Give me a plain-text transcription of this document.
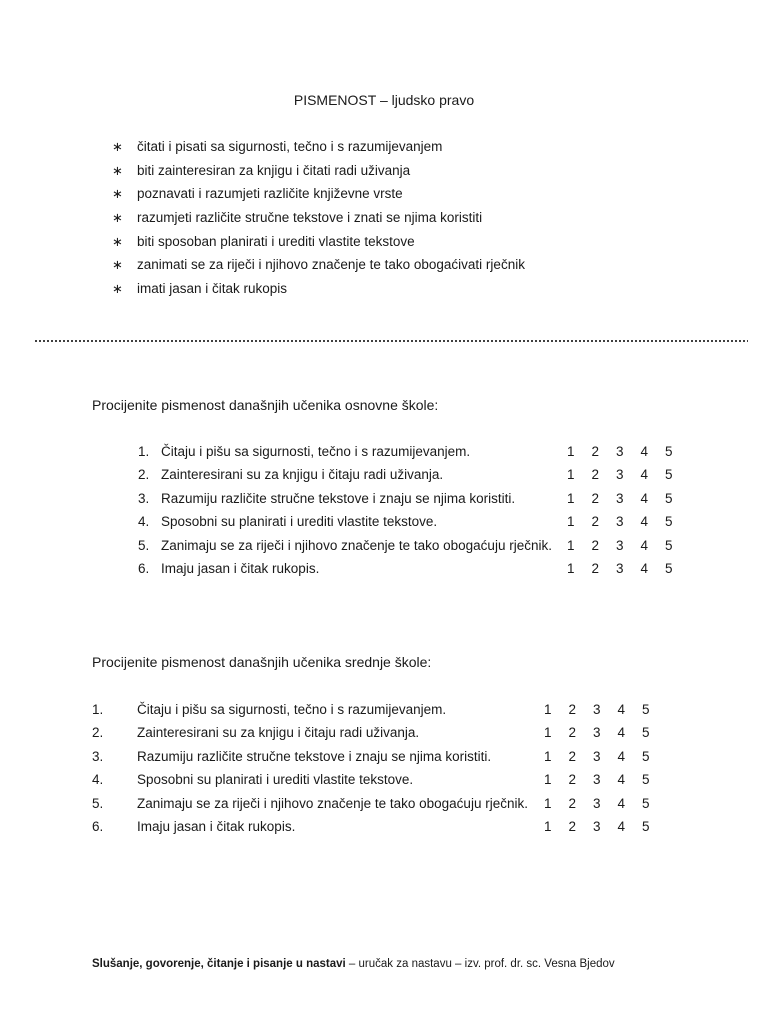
PISMENOST – ljudsko pravo
∗	čitati i pisati sa sigurnosti, tečno i s razumijevanjem
∗	biti zainteresiran za knjigu i čitati radi uživanja
∗	poznavati i razumjeti različite književne vrste
∗	razumjeti različite stručne tekstove i znati se njima koristiti
∗	biti sposoban planirati i urediti vlastite tekstove
∗	zanimati se za riječi i njihovo značenje te tako obogaćivati rječnik
∗	imati jasan i čitak rukopis
Procijenite pismenost današnjih učenika osnovne škole:
1. Čitaju i pišu sa sigurnosti, tečno i s razumijevanjem.	1 2 3 4 5
2. Zainteresirani su za knjigu i čitaju radi uživanja.	1 2 3 4 5
3. Razumiju različite stručne tekstove i znaju se njima koristiti.	1 2 3 4 5
4. Sposobni su planirati i urediti vlastite tekstove.	1 2 3 4 5
5. Zanimaju se za riječi i njihovo značenje te tako obogaćuju rječnik. 1 2 3 4 5
6. Imaju jasan i čitak rukopis.	1 2 3 4 5
Procijenite pismenost današnjih učenika srednje škole:
1. Čitaju i pišu sa sigurnosti, tečno i s razumijevanjem.	1 2 3 4 5
2. Zainteresirani su za knjigu i čitaju radi uživanja.	1 2 3 4 5
3. Razumiju različite stručne tekstove i znaju se njima koristiti.	1 2 3 4 5
4. Sposobni su planirati i urediti vlastite tekstove.	1 2 3 4 5
5. Zanimaju se za riječi i njihovo značenje te tako obogaćuju rječnik. 1 2 3 4 5
6. Imaju jasan i čitak rukopis.	1 2 3 4 5
Slušanje, govorenje, čitanje i pisanje u nastavi – uručak za nastavu – izv. prof. dr. sc. Vesna Bjedov
